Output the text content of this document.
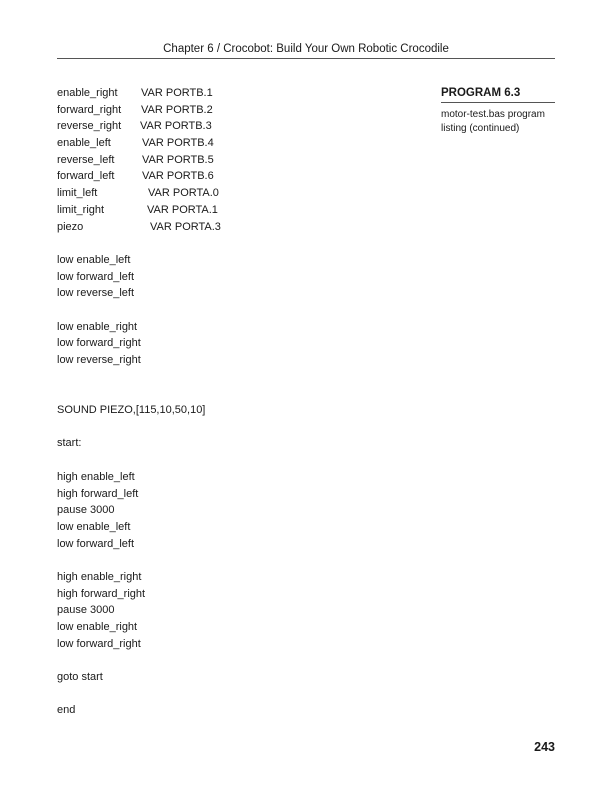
Chapter 6 / Crocobot: Build Your Own Robotic Crocodile
enable_right VAR PORTB.1
forward_right VAR PORTB.2
reverse_right VAR PORTB.3
enable_left	VAR PORTB.4
reverse_left	VAR PORTB.5
forward_left	VAR PORTB.6
limit_left	VAR PORTA.0
limit_right	VAR PORTA.1
piezo	VAR PORTA.3
low enable_left
low forward_left
low reverse_left
low enable_right
low forward_right
low reverse_right
SOUND PIEZO,[115,10,50,10]
start:
high enable_left
high forward_left
pause 3000
low enable_left
low forward_left
high enable_right
high forward_right
pause 3000
low enable_right
low forward_right
goto start
end
PROGRAM 6.3
motor-test.bas program listing (continued)
243
